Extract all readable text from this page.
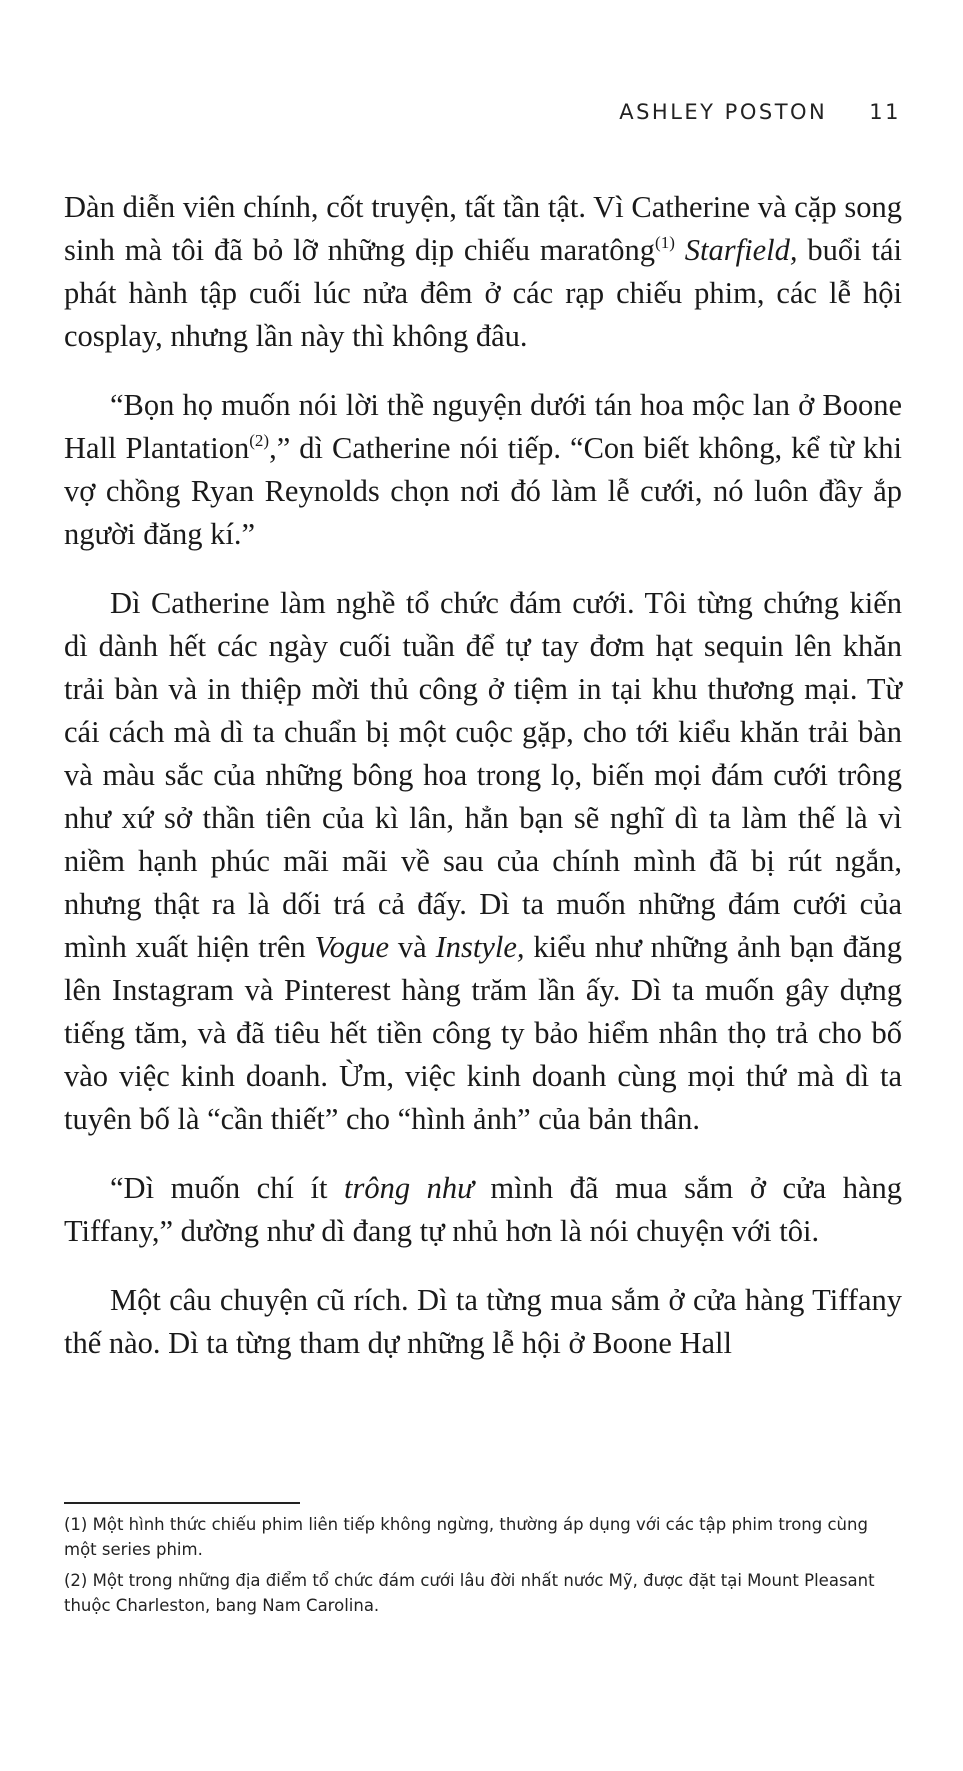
ASHLEY POSTON 11

Dàn diễn viên chính, cốt truyện, tất tần tật. Vì Catherine và cặp song sinh mà tôi đã bỏ lỡ những dịp chiếu maratông$^{(1)}$ Starfield, buổi tái phát hành tập cuối lúc nửa đêm ở các rạp chiếu phim, các lễ hội cosplay, nhưng lần này thì không đâu.

“Bọn họ muốn nói lời thề nguyện dưới tán hoa mộc lan ở Boone Hall Plantation$^{(2)}$,” dì Catherine nói tiếp. “Con biết không, kể từ khi vợ chồng Ryan Reynolds chọn nơi đó làm lễ cưới, nó luôn đầy ắp người đăng kí.”

Dì Catherine làm nghề tổ chức đám cưới. Tôi từng chứng kiến dì dành hết các ngày cuối tuần để tự tay đơm hạt sequin lên khăn trải bàn và in thiệp mời thủ công ở tiệm in tại khu thương mại. Từ cái cách mà dì ta chuẩn bị một cuộc gặp, cho tới kiểu khăn trải bàn và màu sắc của những bông hoa trong lọ, biến mọi đám cưới trông như xứ sở thần tiên của kì lân, hẳn bạn sẽ nghĩ dì ta làm thế là vì niềm hạnh phúc mãi mãi về sau của chính mình đã bị rút ngắn, nhưng thật ra là dối trá cả đấy. Dì ta muốn những đám cưới của mình xuất hiện trên Vogue và Instyle, kiểu như những ảnh bạn đăng lên Instagram và Pinterest hàng trăm lần ấy. Dì ta muốn gây dựng tiếng tăm, và đã tiêu hết tiền công ty bảo hiểm nhân thọ trả cho bố vào việc kinh doanh. Ừm, việc kinh doanh cùng mọi thứ mà dì ta tuyên bố là “cần thiết” cho “hình ảnh” của bản thân.

“Dì muốn chí ít trông như mình đã mua sắm ở cửa hàng Tiffany,” dường như dì đang tự nhủ hơn là nói chuyện với tôi.

Một câu chuyện cũ rích. Dì ta từng mua sắm ở cửa hàng Tiffany thế nào. Dì ta từng tham dự những lễ hội ở Boone Hall

(1) Một hình thức chiếu phim liên tiếp không ngừng, thường áp dụng với các tập phim trong cùng một series phim.

(2) Một trong những địa điểm tổ chức đám cưới lâu đời nhất nước Mỹ, được đặt tại Mount Pleasant thuộc Charleston, bang Nam Carolina.
